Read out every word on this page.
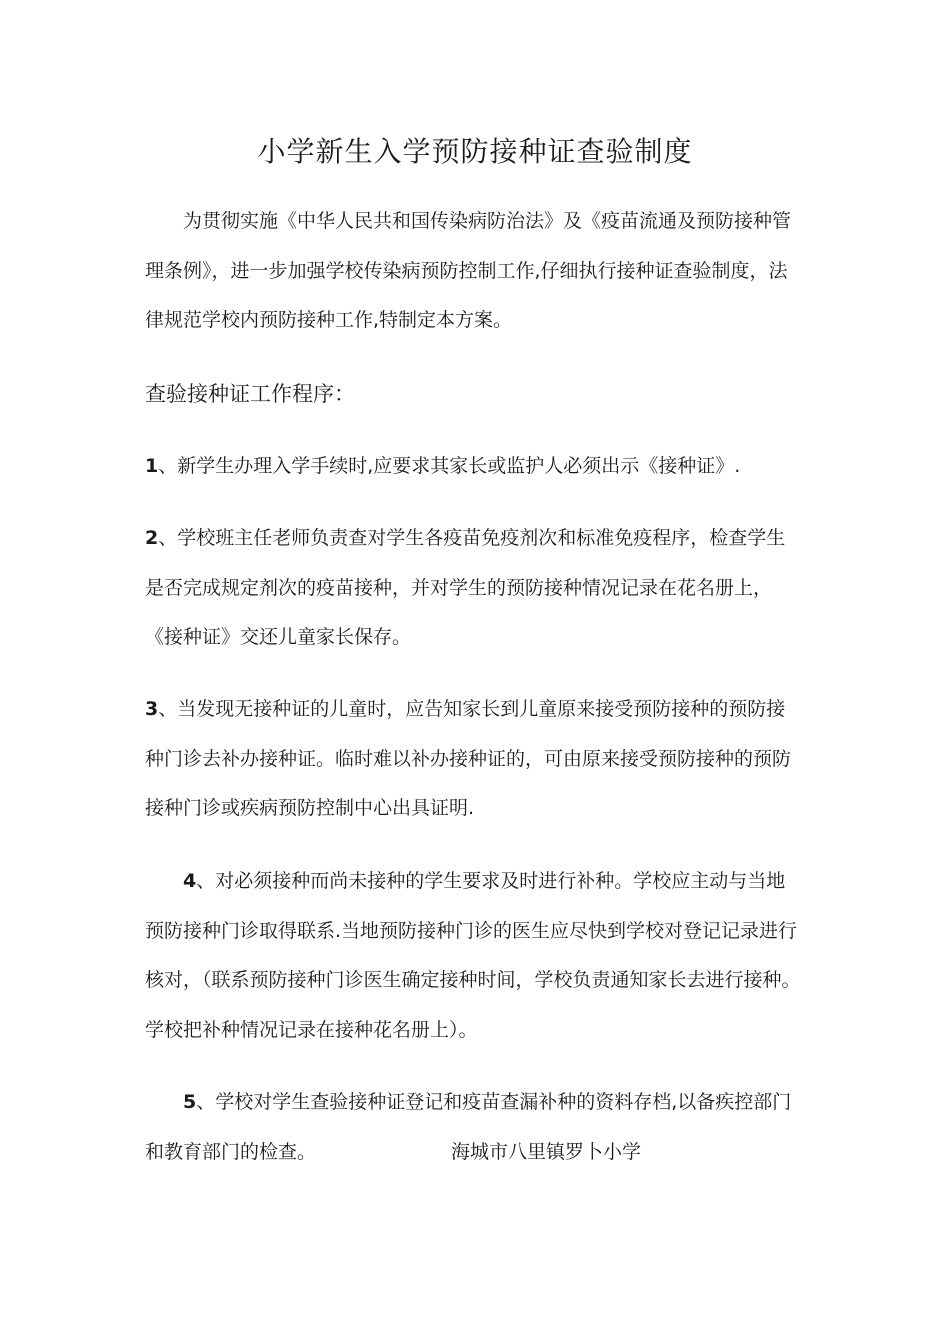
小学新生入学预防接种证查验制度
为贯彻实施《中华人民共和国传染病防治法》及《疫苗流通及预防接种管
理条例》，进一步加强学校传染病预防控制工作,仔细执行接种证查验制度，法
律规范学校内预防接种工作,特制定本方案。
查验接种证工作程序：
1、新学生办理入学手续时,应要求其家长或监护人必须出示《接种证》.
2、学校班主任老师负责查对学生各疫苗免疫剂次和标准免疫程序，检查学生
是否完成规定剂次的疫苗接种，并对学生的预防接种情况记录在花名册上，
《接种证》交还儿童家长保存。
3、当发现无接种证的儿童时，应告知家长到儿童原来接受预防接种的预防接
种门诊去补办接种证。临时难以补办接种证的，可由原来接受预防接种的预防
接种门诊或疾病预防控制中心出具证明.
4、对必须接种而尚未接种的学生要求及时进行补种。学校应主动与当地
预防接种门诊取得联系.当地预防接种门诊的医生应尽快到学校对登记记录进行
核对，（联系预防接种门诊医生确定接种时间，学校负责通知家长去进行接种。
学校把补种情况记录在接种花名册上）。
5、学校对学生查验接种证登记和疫苗查漏补种的资料存档,以备疾控部门
和教育部门的检查。	海城市八里镇罗卜小学
